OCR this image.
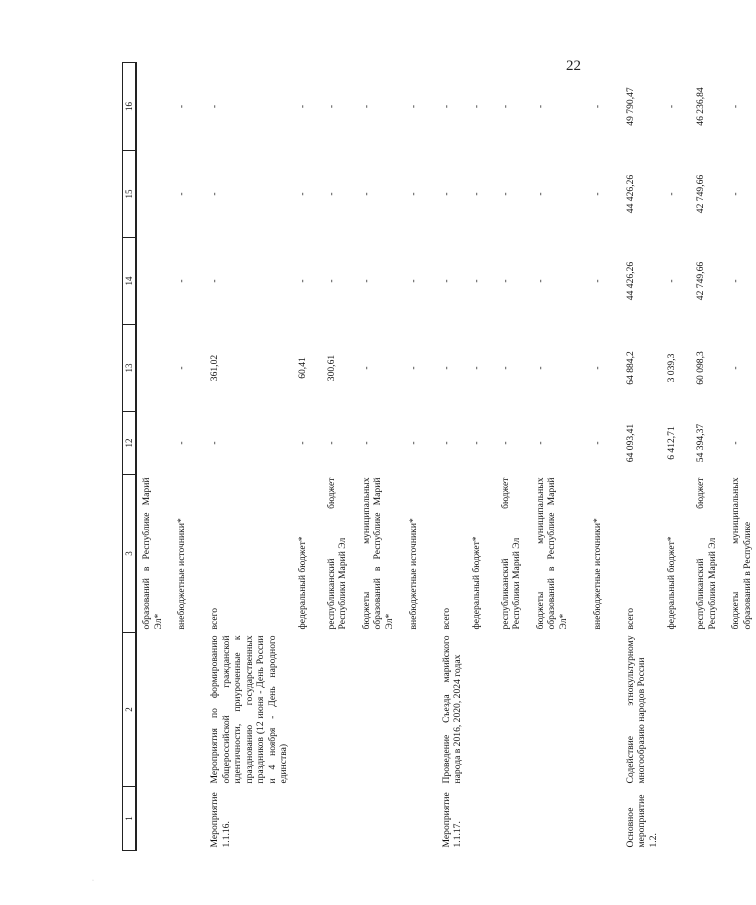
22
1	2	3	12	13	14	15	16
		образований в Республике Марий Эл*					
		внебюджетные источники*	-	-	-	-	-

Мероприятие 1.1.16.	Мероприятия по формированию общероссийской гражданской идентичности, приуроченные к празднованию государственных праздников (12 июня - День России и 4 ноября - День народного единства)	всего	-	361,02	-	-	-
		федеральный бюджет*	-	60,41	-	-	-
		республиканский бюджет Республики Марий Эл	-	300,61	-	-	-
		бюджеты муниципальных образований в Республике Марий Эл*	-	-	-	-	-
		внебюджетные источники*	-	-	-	-	-

Мероприятие 1.1.17.	Проведение Съезда марийского народа в 2016, 2020, 2024 годах	всего	-	-	-	-	-
		федеральный бюджет*	-	-	-	-	-
		республиканский бюджет Республики Марий Эл	-	-	-	-	-
		бюджеты муниципальных образований в Республике Марий Эл*	-	-	-	-	-
		внебюджетные источники*	-	-	-	-	-

Основное мероприятие 1.2.	Содействие этнокультурному многообразию народов России	всего	64 093,41	64 884,2	44 426,26	44 426,26	49 790,47
		федеральный бюджет*	6 412,71	3 039,3	-	-	-
		республиканский бюджет Республики Марий Эл	54 394,37	60 098,3	42 749,66	42 749,66	46 236,84
		бюджеты муниципальных образований в Республике	-	-	-	-	-
·
